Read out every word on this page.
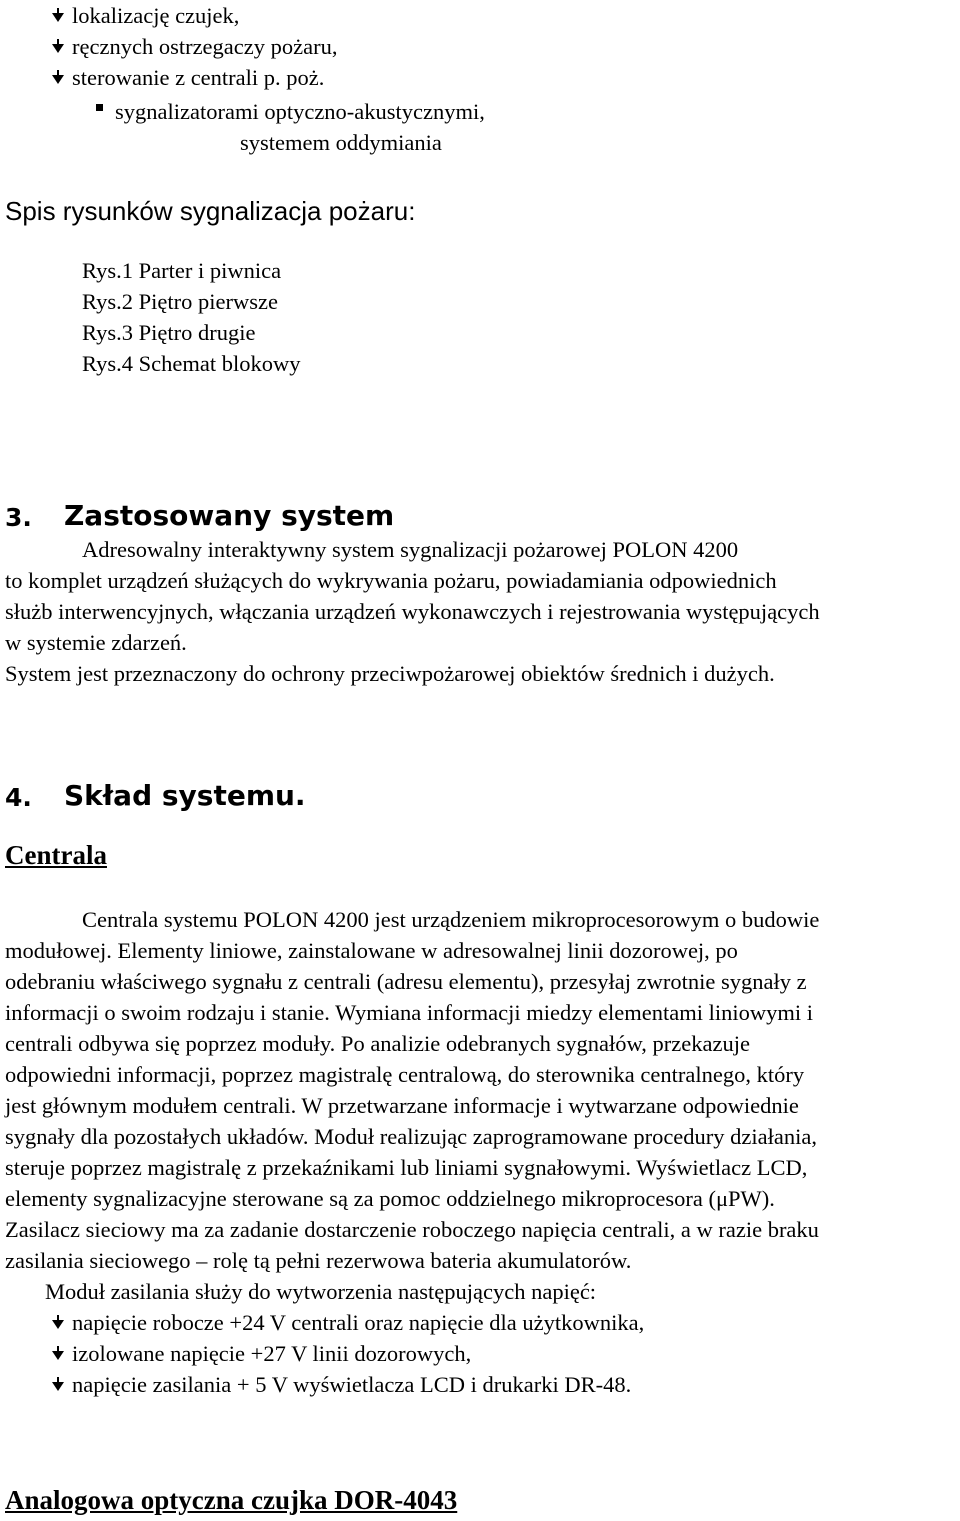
lokalizację czujek,
ręcznych ostrzegaczy pożaru,
sterowanie z centrali p. poż.
sygnalizatorami optyczno-akustycznymi,
systemem oddymiania
Spis rysunków sygnalizacja pożaru:
Rys.1 Parter i piwnica
Rys.2 Piętro pierwsze
Rys.3 Piętro drugie
Rys.4 Schemat blokowy
3. Zastosowany system
Adresowalny interaktywny system sygnalizacji pożarowej POLON 4200
to komplet urządzeń służących do wykrywania pożaru, powiadamiania odpowiednich
służb interwencyjnych, włączania urządzeń wykonawczych i rejestrowania występujących
w systemie zdarzeń.
System jest przeznaczony do ochrony przeciwpożarowej obiektów średnich i dużych.
4. Skład systemu.
Centrala
Centrala systemu POLON 4200 jest urządzeniem mikroprocesorowym o budowie
modułowej. Elementy liniowe, zainstalowane w adresowalnej linii dozorowej, po
odebraniu właściwego sygnału z centrali (adresu elementu), przesyłaj zwrotnie sygnały z
informacji o swoim rodzaju i stanie. Wymiana informacji miedzy elementami liniowymi i
centrali odbywa się poprzez moduły. Po analizie odebranych sygnałów, przekazuje
odpowiedni informacji, poprzez magistralę centralową, do sterownika centralnego, który
jest głównym modułem centrali. W przetwarzane informacje i wytwarzane odpowiednie
sygnały dla pozostałych układów. Moduł realizując zaprogramowane procedury działania,
steruje poprzez magistralę z przekaźnikami lub liniami sygnałowymi. Wyświetlacz LCD,
elementy sygnalizacyjne sterowane są za pomoc oddzielnego mikroprocesora (μPW).
Zasilacz sieciowy ma za zadanie dostarczenie roboczego napięcia centrali, a w razie braku
zasilania sieciowego – rolę tą pełni rezerwowa bateria akumulatorów.
Moduł zasilania służy do wytworzenia następujących napięć:
napięcie robocze +24 V centrali oraz napięcie dla użytkownika,
izolowane napięcie +27 V linii dozorowych,
napięcie zasilania + 5 V wyświetlacza LCD i drukarki DR-48.
Analogowa optyczna czujka DOR-4043
